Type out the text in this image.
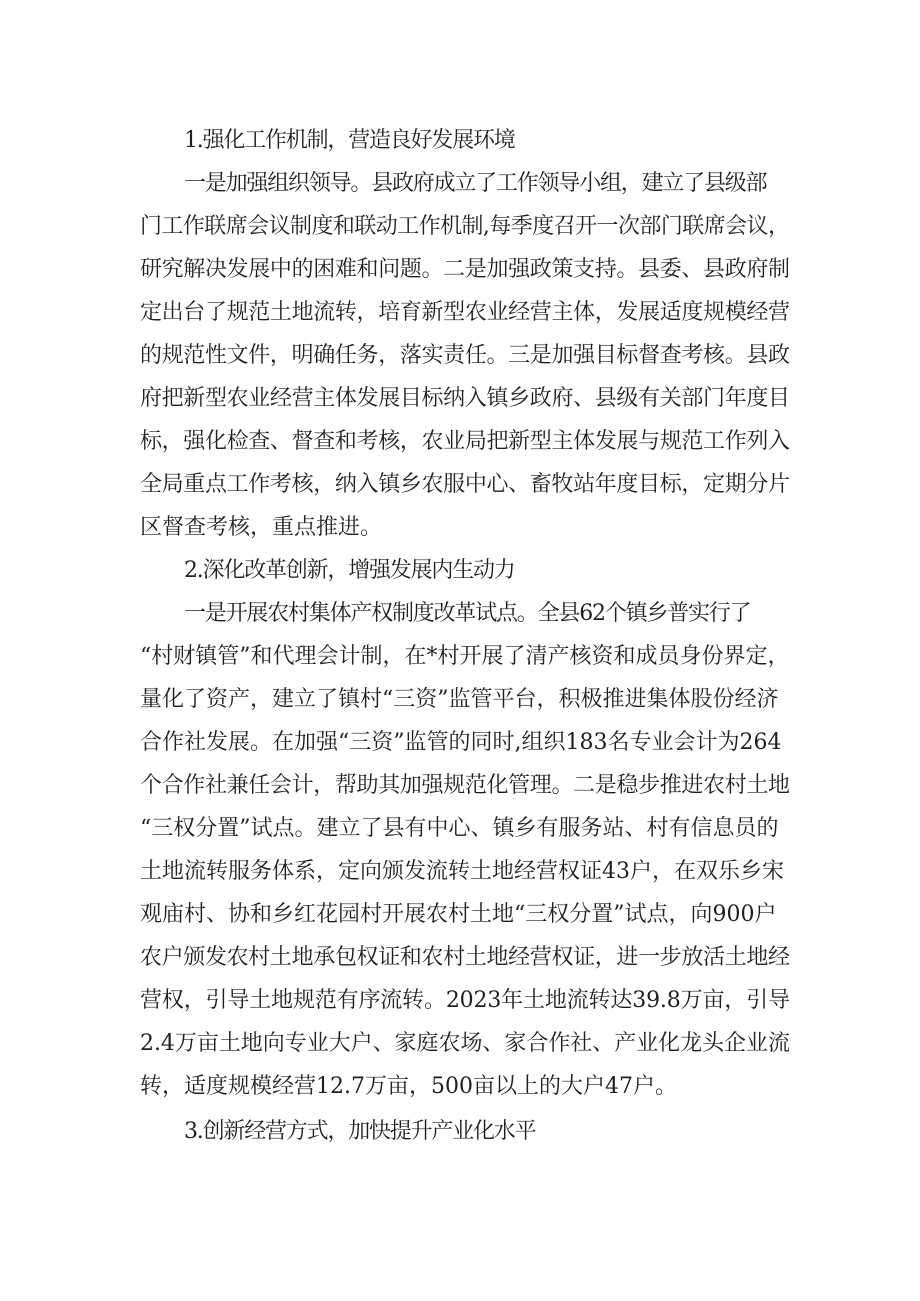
1.强化工作机制，营造良好发展环境
一是加强组织领导。县政府成立了工作领导小组，建立了县级部
门工作联席会议制度和联动工作机制,每季度召开一次部门联席会议，
研究解决发展中的困难和问题。二是加强政策支持。县委、县政府制
定出台了规范土地流转，培育新型农业经营主体，发展适度规模经营
的规范性文件，明确任务，落实责任。三是加强目标督查考核。县政
府把新型农业经营主体发展目标纳入镇乡政府、县级有关部门年度目
标，强化检查、督查和考核，农业局把新型主体发展与规范工作列入
全局重点工作考核，纳入镇乡农服中心、畜牧站年度目标，定期分片
区督查考核，重点推进。
2.深化改革创新，增强发展内生动力
一是开展农村集体产权制度改革试点。全县62个镇乡普实行了
“村财镇管”和代理会计制，在*村开展了清产核资和成员身份界定，
量化了资产，建立了镇村“三资”监管平台，积极推进集体股份经济
合作社发展。在加强“三资”监管的同时,组织183名专业会计为264
个合作社兼任会计，帮助其加强规范化管理。二是稳步推进农村土地
“三权分置”试点。建立了县有中心、镇乡有服务站、村有信息员的
土地流转服务体系，定向颁发流转土地经营权证43户，在双乐乡宋
观庙村、协和乡红花园村开展农村土地“三权分置”试点，向900户
农户颁发农村土地承包权证和农村土地经营权证，进一步放活土地经
营权，引导土地规范有序流转。2023年土地流转达39.8万亩，引导
2.4万亩土地向专业大户、家庭农场、家合作社、产业化龙头企业流
转，适度规模经营12.7万亩，500亩以上的大户47户。
3.创新经营方式，加快提升产业化水平
